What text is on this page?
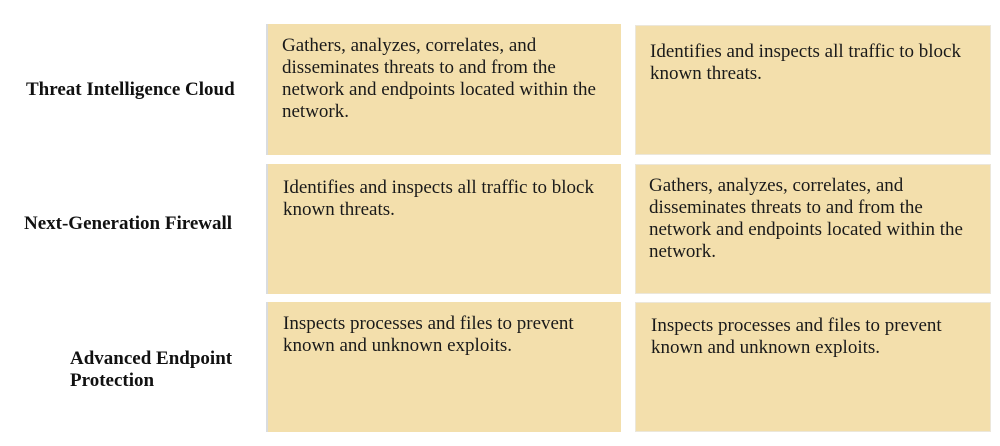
Threat Intelligence Cloud
Gathers, analyzes, correlates, and disseminates threats to and from the network and endpoints located within the network.
Identifies and inspects all traffic to block known threats.
Next-Generation Firewall
Identifies and inspects all traffic to block known threats.
Gathers, analyzes, correlates, and disseminates threats to and from the network and endpoints located within the network.
Advanced Endpoint
Protection
Inspects processes and files to prevent known and unknown exploits.
Inspects processes and files to prevent known and unknown exploits.
